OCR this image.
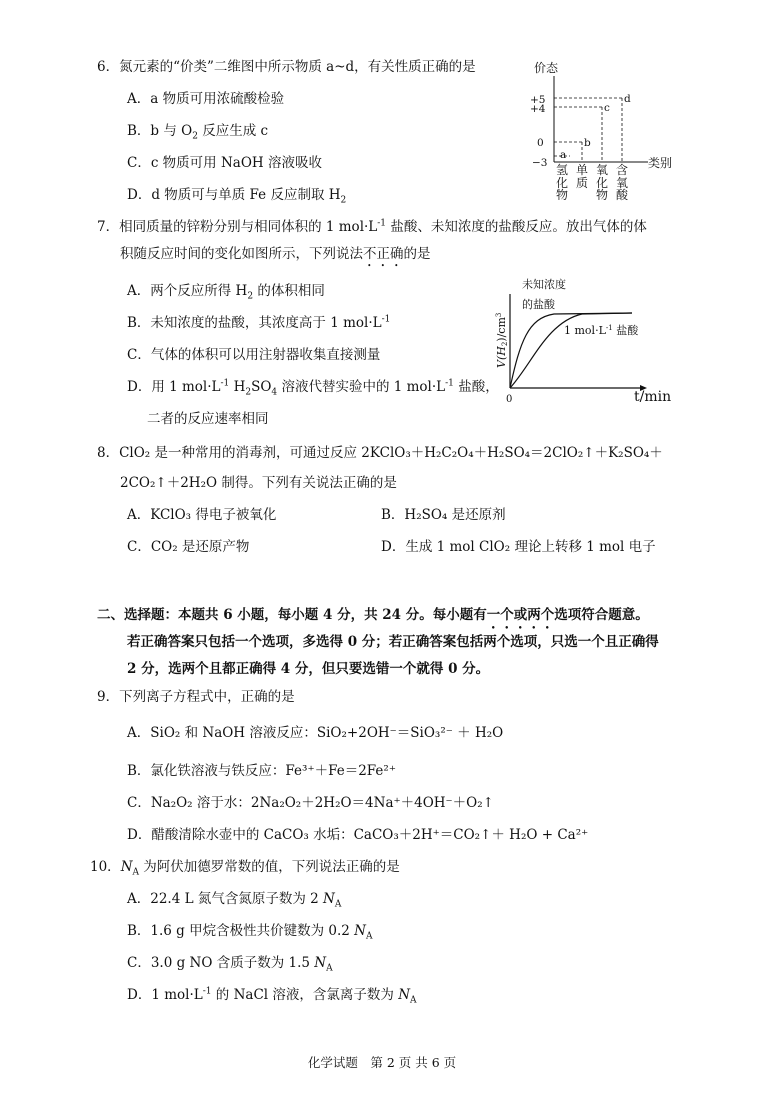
6．氮元素的“价类”二维图中所示物质 a~d，有关性质正确的是
A．a 物质可用浓硫酸检验
B．b 与 $O_2$ 反应生成 c
C．c 物质可用 NaOH 溶液吸收
D．d 物质可与单质 Fe 反应制取 $H_2$
价态
类别
+5
+4
0
−3
a
b
c
d
氢化物
单质
氧化物
含氧酸
7．相同质量的锌粉分别与相同体积的 1 $mol\cdot L^{-1}$ 盐酸、未知浓度的盐酸反应。放出气体的体
积随反应时间的变化如图所示，下列说法不正确的是
A．两个反应所得 $H_2$ 的体积相同
B．未知浓度的盐酸，其浓度高于 1 $mol\cdot L^{-1}$
C．气体的体积可以用注射器收集直接测量
D．用 1 $mol\cdot L^{-1}$ $H_2SO_4$ 溶液代替实验中的 1 $mol\cdot L^{-1}$ 盐酸，
二者的反应速率相同
未知浓度
的盐酸
0	t/min
1 $mol\cdot L^{-1}$ 盐酸
$V(H2)/cm^3$
8．ClO₂ 是一种常用的消毒剂，可通过反应 2KClO₃＋H₂C₂O₄＋H₂SO₄＝2ClO₂↑＋K₂SO₄＋
2CO₂↑＋2H₂O 制得。下列有关说法正确的是
A．KClO₃ 得电子被氧化	B．H₂SO₄ 是还原剂
C．CO₂ 是还原产物	D．生成 1 mol ClO₂ 理论上转移 1 mol 电子
二、选择题：本题共 6 小题，每小题 4 分，共 24 分。每小题有一个或两个选项符合题意。
若正确答案只包括一个选项，多选得 0 分；若正确答案包括两个选项，只选一个且正确得
2 分，选两个且都正确得 4 分，但只要选错一个就得 0 分。
9．下列离子方程式中，正确的是
A．SiO₂ 和 NaOH 溶液反应：SiO₂+2OH⁻＝SiO₃²⁻ ＋ H₂O
B．氯化铁溶液与铁反应：Fe³⁺＋Fe＝2Fe²⁺
C．Na₂O₂ 溶于水：2Na₂O₂＋2H₂O＝4Na⁺＋4OH⁻＋O₂↑
D．醋酸清除水壶中的 CaCO₃ 水垢：CaCO₃＋2H⁺＝CO₂↑＋ H₂O + Ca²⁺
10．$N_A$ 为阿伏加德罗常数的值，下列说法正确的是
A．22.4 L 氮气含氮原子数为 2 $N_A$
B．1.6 g 甲烷含极性共价键数为 0.2 $N_A$
C．3.0 g NO 含质子数为 1.5 $N_A$
D．1 $mol\cdot L^{-1}$ 的 NaCl 溶液，含氯离子数为 $N_A$
化学试题　第 2 页 共 6 页
